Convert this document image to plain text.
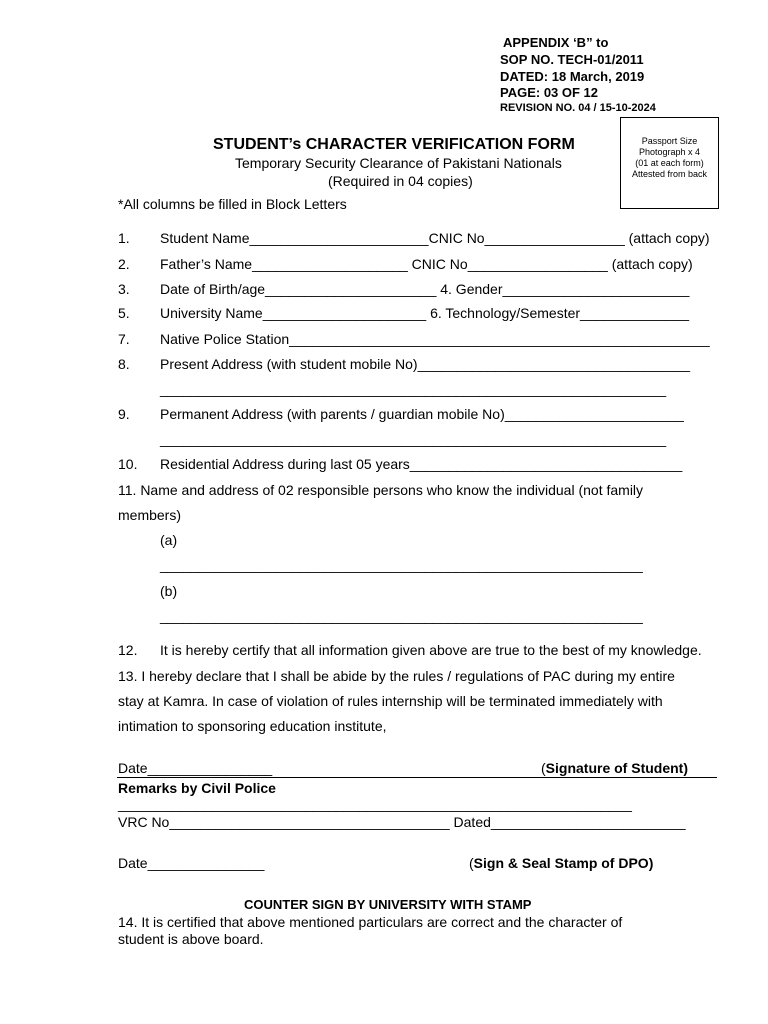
APPENDIX ‘B” to
SOP NO. TECH-01/2011
DATED: 18 March, 2019
PAGE: 03 OF 12
REVISION NO. 04 / 15-10-2024
STUDENT’s CHARACTER VERIFICATION FORM
Temporary Security Clearance of Pakistani Nationals
(Required in 04 copies)
Passport Size
Photograph x 4
(01 at each form)
Attested from back
*All columns be filled in Block Letters
1. Student Name_______________________CNIC No__________________ (attach copy)
2. Father’s Name____________________ CNIC No__________________ (attach copy)
3. Date of Birth/age______________________ 4. Gender________________________
5. University Name_____________________ 6. Technology/Semester______________
7. Native Police Station______________________________________________________
8. Present Address (with student mobile No)___________________________________
_________________________________________________________________
9. Permanent Address (with parents / guardian mobile No)_______________________
_________________________________________________________________
10. Residential Address during last 05 years___________________________________
11. Name and address of 02 responsible persons who know the individual (not family
members)
(a)
______________________________________________________________
(b)
______________________________________________________________
12. It is hereby certify that all information given above are true to the best of my knowledge.
13. I hereby declare that I shall be abide by the rules / regulations of PAC during my entire
stay at Kamra. In case of violation of rules internship will be terminated immediately with
intimation to sponsoring education institute,
Date________________	(Signature of Student)
Remarks by Civil Police
__________________________________________________________________
VRC No____________________________________ Dated_________________________
Date_______________	(Sign & Seal Stamp of DPO)
COUNTER SIGN BY UNIVERSITY WITH STAMP
14. It is certified that above mentioned particulars are correct and the character of
student is above board.
